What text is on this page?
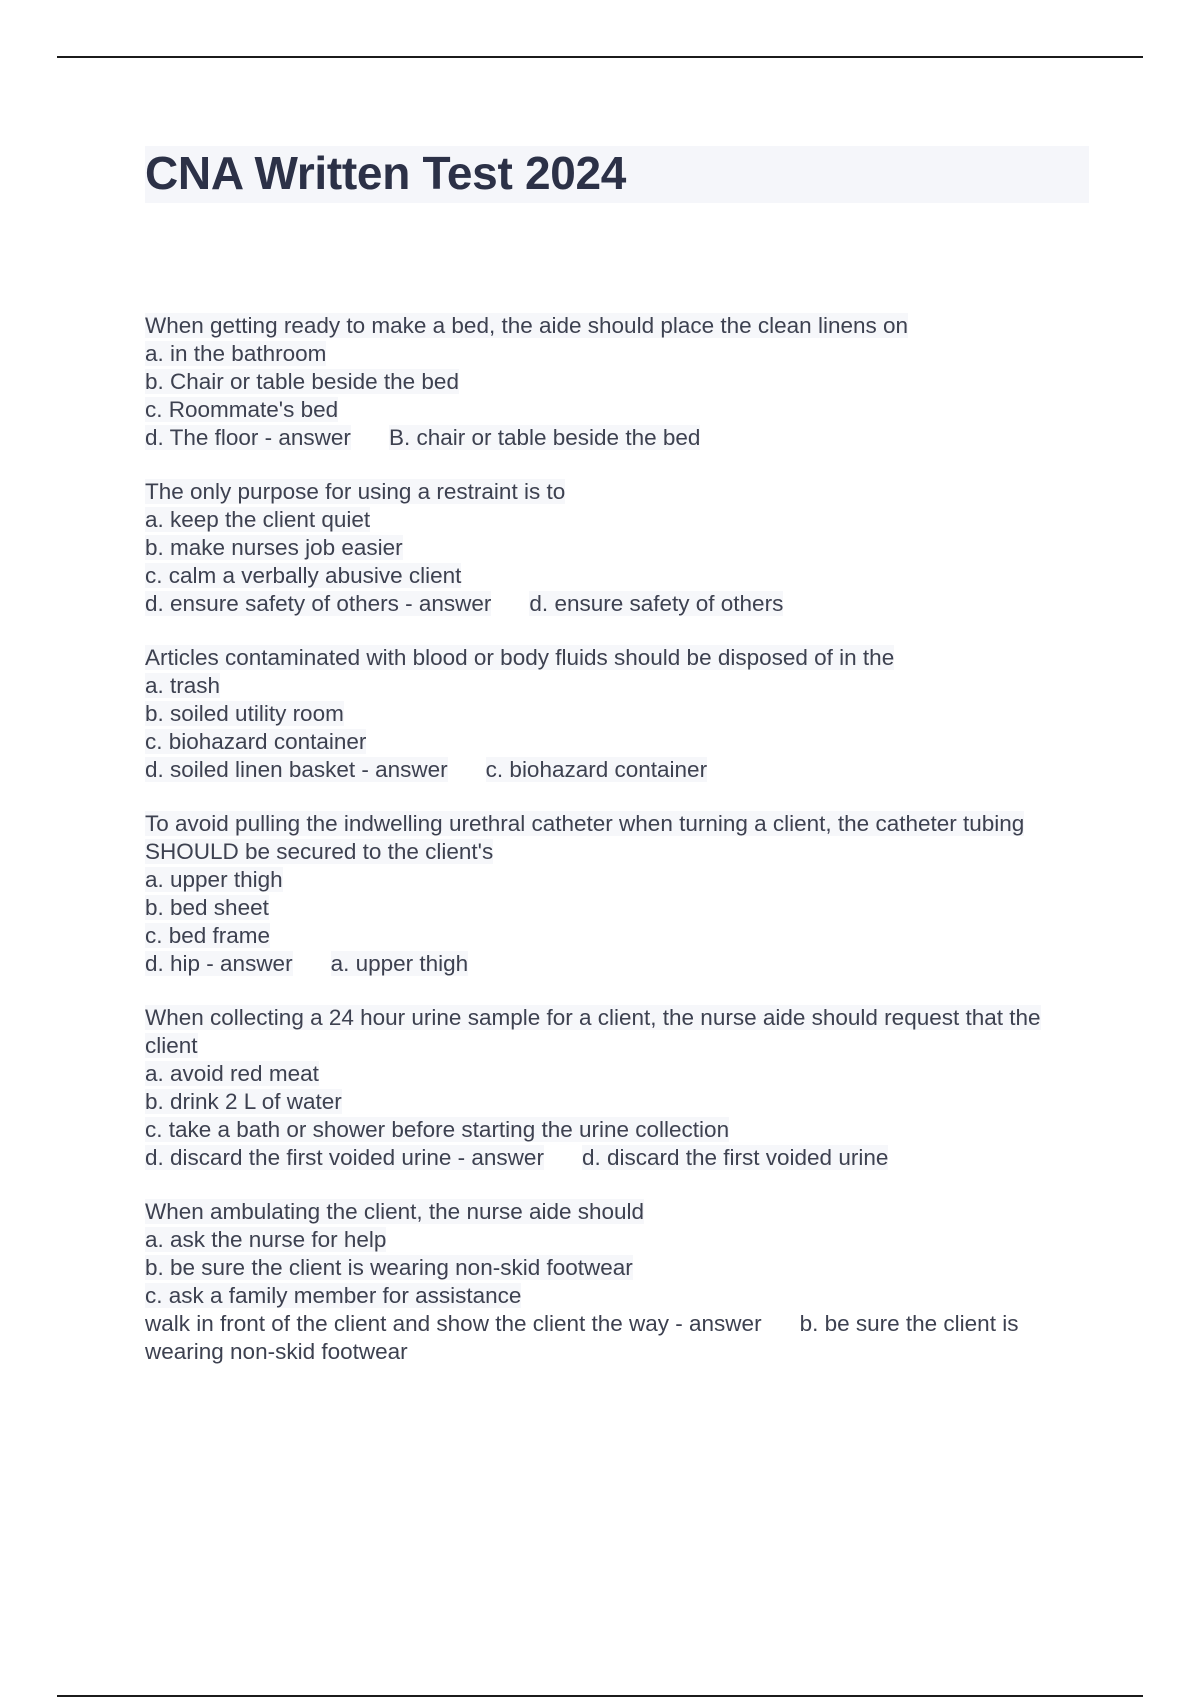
CNA Written Test 2024
When getting ready to make a bed, the aide should place the clean linens on
a. in the bathroom
b. Chair or table beside the bed
c. Roommate's bed
d. The floor - answer B. chair or table beside the bed
The only purpose for using a restraint is to
a. keep the client quiet
b. make nurses job easier
c. calm a verbally abusive client
d. ensure safety of others - answer d. ensure safety of others
Articles contaminated with blood or body fluids should be disposed of in the
a. trash
b. soiled utility room
c. biohazard container
d. soiled linen basket - answer c. biohazard container
To avoid pulling the indwelling urethral catheter when turning a client, the catheter tubing SHOULD be secured to the client's
a. upper thigh
b. bed sheet
c. bed frame
d. hip - answer a. upper thigh
When collecting a 24 hour urine sample for a client, the nurse aide should request that the client
a. avoid red meat
b. drink 2 L of water
c. take a bath or shower before starting the urine collection
d. discard the first voided urine - answer d. discard the first voided urine
When ambulating the client, the nurse aide should
a. ask the nurse for help
b. be sure the client is wearing non-skid footwear
c. ask a family member for assistance
walk in front of the client and show the client the way - answer b. be sure the client is wearing non-skid footwear
